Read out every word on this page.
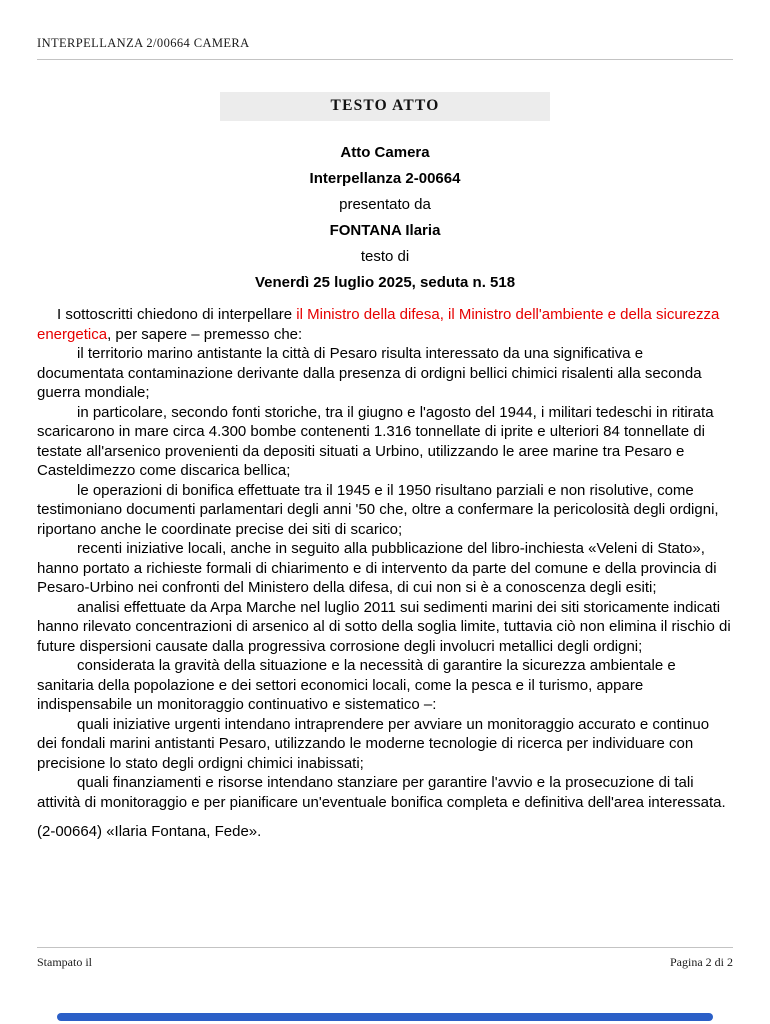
INTERPELLANZA 2/00664 CAMERA
TESTO ATTO
Atto Camera
Interpellanza 2-00664
presentato da
FONTANA Ilaria
testo di
Venerdì 25 luglio 2025, seduta n. 518

I sottoscritti chiedono di interpellare il Ministro della difesa, il Ministro dell'ambiente e della sicurezza energetica, per sapere – premesso che:

il territorio marino antistante la città di Pesaro risulta interessato da una significativa e documentata contaminazione derivante dalla presenza di ordigni bellici chimici risalenti alla seconda guerra mondiale;

in particolare, secondo fonti storiche, tra il giugno e l'agosto del 1944, i militari tedeschi in ritirata scaricarono in mare circa 4.300 bombe contenenti 1.316 tonnellate di iprite e ulteriori 84 tonnellate di testate all'arsenico provenienti da depositi situati a Urbino, utilizzando le aree marine tra Pesaro e Casteldimezzo come discarica bellica;

le operazioni di bonifica effettuate tra il 1945 e il 1950 risultano parziali e non risolutive, come testimoniano documenti parlamentari degli anni '50 che, oltre a confermare la pericolosità degli ordigni, riportano anche le coordinate precise dei siti di scarico;

recenti iniziative locali, anche in seguito alla pubblicazione del libro-inchiesta «Veleni di Stato», hanno portato a richieste formali di chiarimento e di intervento da parte del comune e della provincia di Pesaro-Urbino nei confronti del Ministero della difesa, di cui non si è a conoscenza degli esiti;

analisi effettuate da Arpa Marche nel luglio 2011 sui sedimenti marini dei siti storicamente indicati hanno rilevato concentrazioni di arsenico al di sotto della soglia limite, tuttavia ciò non elimina il rischio di future dispersioni causate dalla progressiva corrosione degli involucri metallici degli ordigni;

considerata la gravità della situazione e la necessità di garantire la sicurezza ambientale e sanitaria della popolazione e dei settori economici locali, come la pesca e il turismo, appare indispensabile un monitoraggio continuativo e sistematico –:

quali iniziative urgenti intendano intraprendere per avviare un monitoraggio accurato e continuo dei fondali marini antistanti Pesaro, utilizzando le moderne tecnologie di ricerca per individuare con precisione lo stato degli ordigni chimici inabissati;

quali finanziamenti e risorse intendano stanziare per garantire l'avvio e la prosecuzione di tali attività di monitoraggio e per pianificare un'eventuale bonifica completa e definitiva dell'area interessata.

(2-00664) «Ilaria Fontana, Fede».

Stampato il	Pagina 2 di 2
